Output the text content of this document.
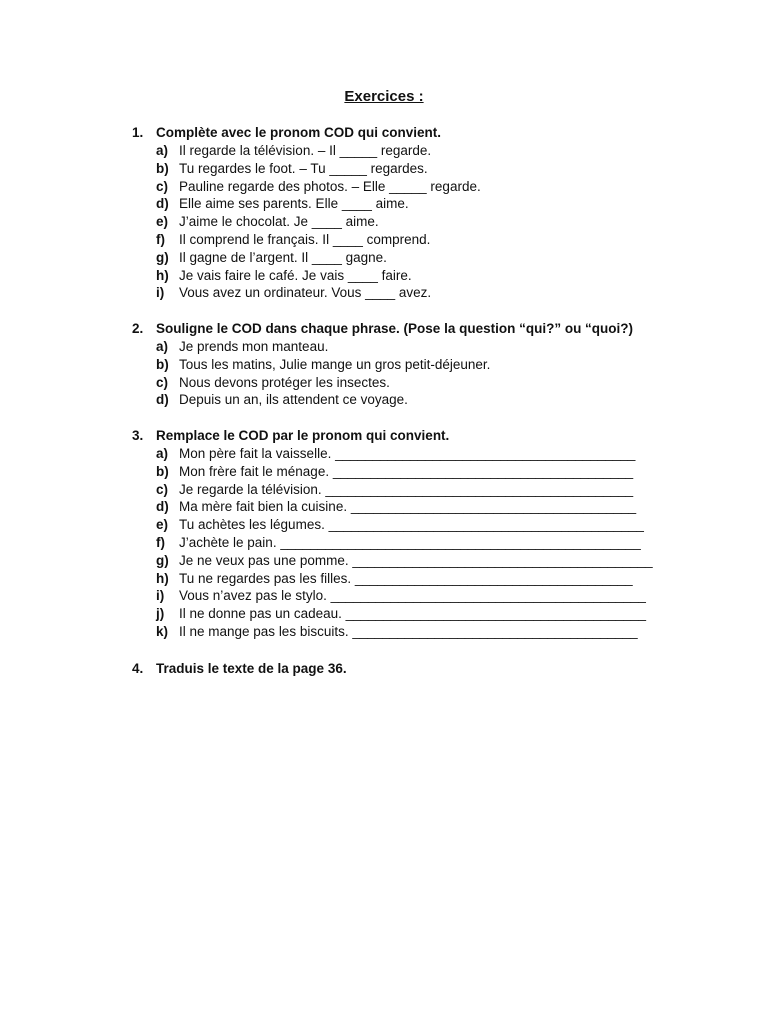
Exercices :
1. Complète avec le pronom COD qui convient.
a) Il regarde la télévision. – Il _____ regarde.
b) Tu regardes le foot. – Tu _____ regardes.
c) Pauline regarde des photos. – Elle _____ regarde.
d) Elle aime ses parents. Elle ____ aime.
e) J’aime le chocolat. Je ____ aime.
f)	Il comprend le français. Il ____ comprend.
g) Il gagne de l’argent. Il ____ gagne.
h) Je vais faire le café. Je vais ____ faire.
i)	Vous avez un ordinateur. Vous ____ avez.
2. Souligne le COD dans chaque phrase. (Pose la question “qui?” ou “quoi?)
a) Je prends mon manteau.
b) Tous les matins, Julie mange un gros petit-déjeuner.
c) Nous devons protéger les insectes.
d) Depuis un an, ils attendent ce voyage.
3. Remplace le COD par le pronom qui convient.
a) Mon père fait la vaisselle. ________________________________________
b) Mon frère fait le ménage. ________________________________________
c) Je regarde la télévision. _________________________________________
d) Ma mère fait bien la cuisine. ______________________________________
e) Tu achètes les légumes. __________________________________________
f)	J’achète le pain. ________________________________________________
g) Je ne veux pas une pomme. ________________________________________
h) Tu ne regardes pas les filles. _____________________________________
i)	Vous n’avez pas le stylo. __________________________________________
j)	Il ne donne pas un cadeau. ________________________________________
k) Il ne mange pas les biscuits. ______________________________________
4. Traduis le texte de la page 36.
